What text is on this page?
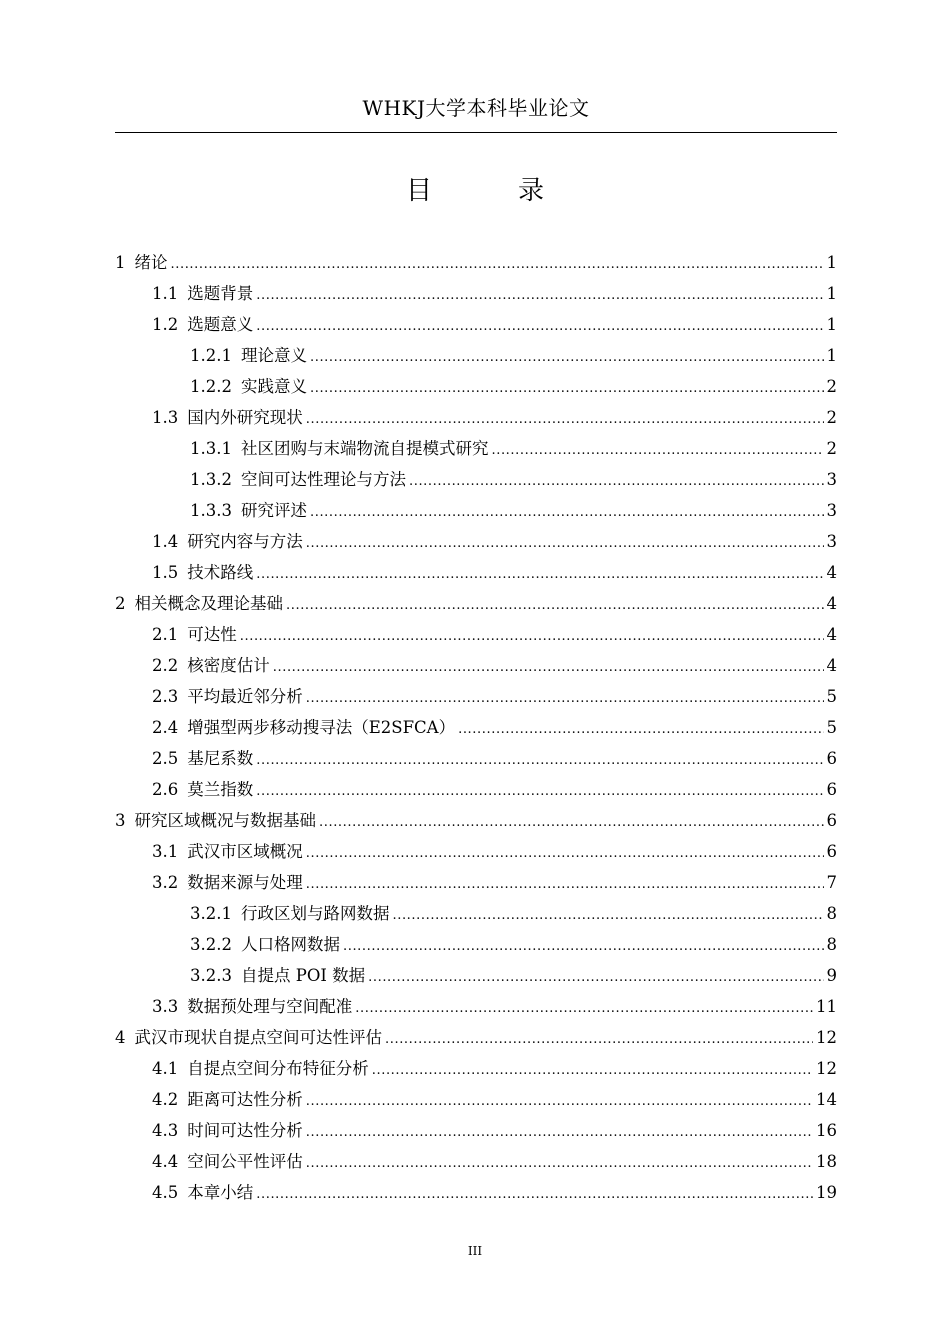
WHKJ大学本科毕业论文
目　录
1 绪论 .....	1
1.1 选题背景 .....	1
1.2 选题意义 .....	1
1.2.1 理论意义 .....	1
1.2.2 实践意义 .....	2
1.3 国内外研究现状 .....	2
1.3.1 社区团购与末端物流自提模式研究 .....	2
1.3.2 空间可达性理论与方法 .....	3
1.3.3 研究评述 .....	3
1.4 研究内容与方法 .....	3
1.5 技术路线 .....	4
2 相关概念及理论基础 .....	4
2.1 可达性 .....	4
2.2 核密度估计 .....	4
2.3 平均最近邻分析 .....	5
2.4 增强型两步移动搜寻法（E2SFCA） .....	5
2.5 基尼系数 .....	6
2.6 莫兰指数 .....	6
3 研究区域概况与数据基础 .....	6
3.1 武汉市区域概况 .....	6
3.2 数据来源与处理 .....	7
3.2.1 行政区划与路网数据 .....	8
3.2.2 人口格网数据 .....	8
3.2.3 自提点 POI 数据 .....	9
3.3 数据预处理与空间配准 .....	11
4 武汉市现状自提点空间可达性评估 .....	12
4.1 自提点空间分布特征分析 .....	12
4.2 距离可达性分析 .....	14
4.3 时间可达性分析 .....	16
4.4 空间公平性评估 .....	18
4.5 本章小结 .....	19
III
